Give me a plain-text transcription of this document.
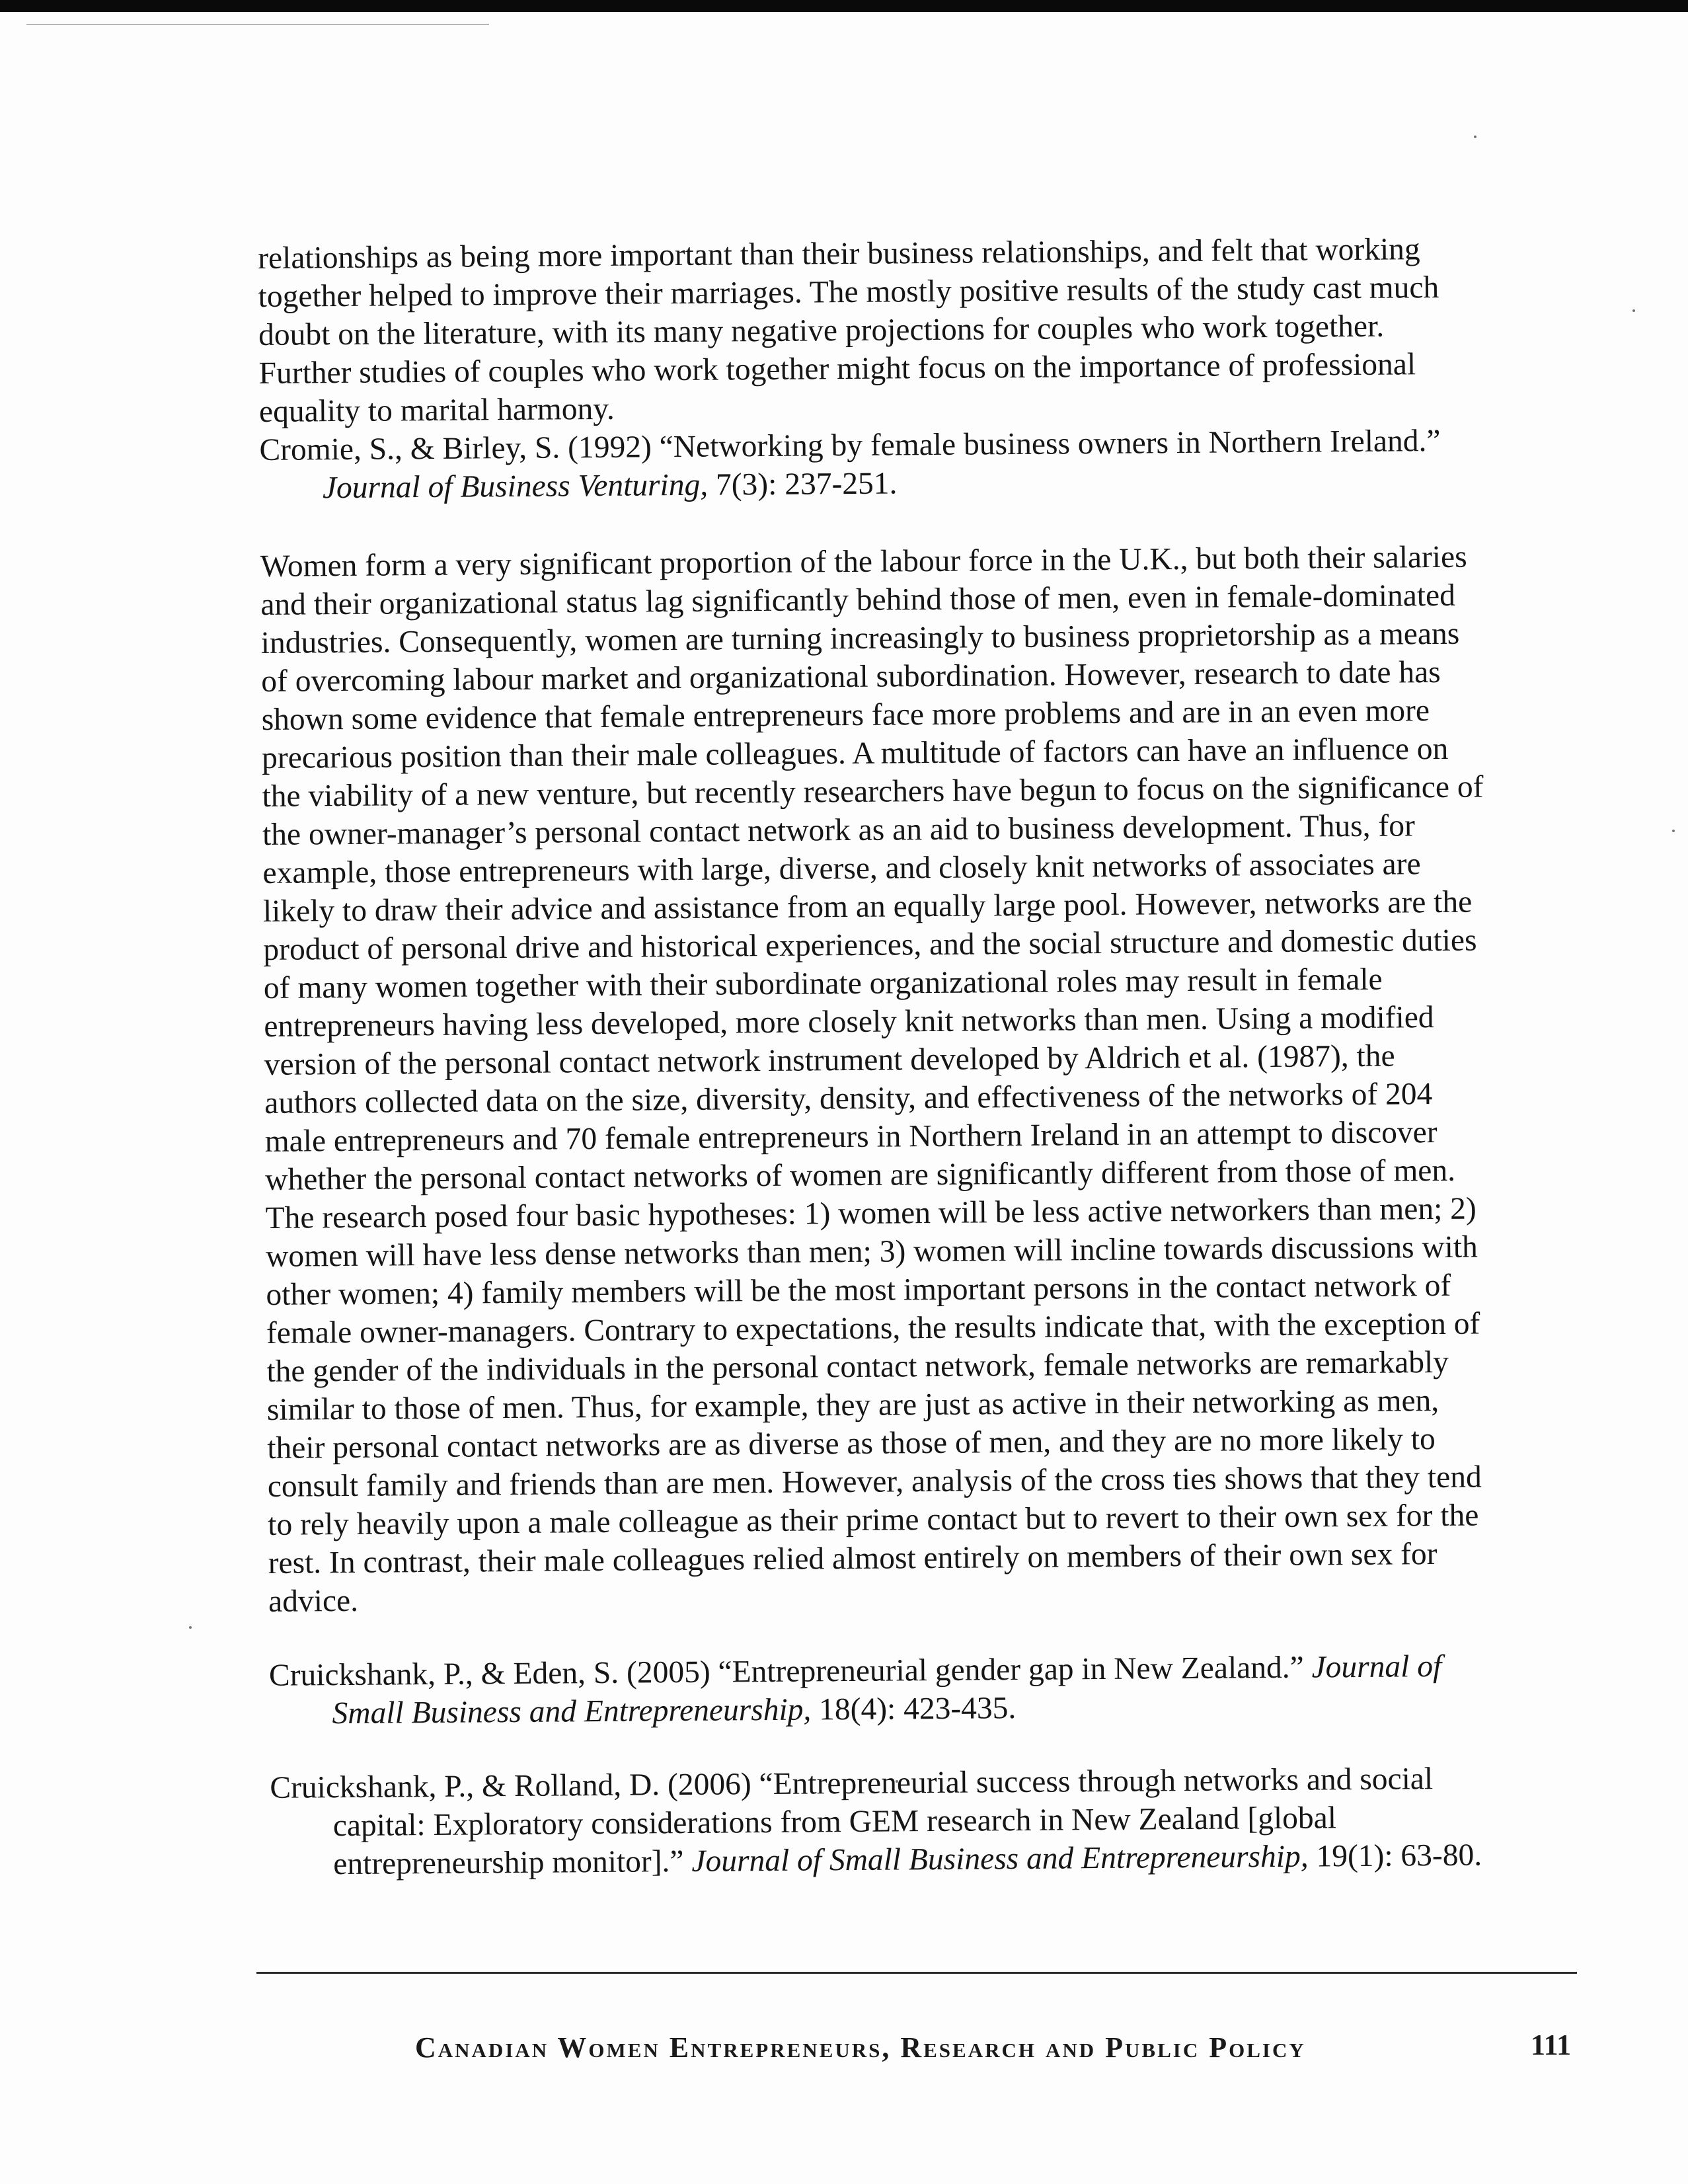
relationships as being more important than their business relationships, and felt that working
together helped to improve their marriages. The mostly positive results of the study cast much
doubt on the literature, with its many negative projections for couples who work together.
Further studies of couples who work together might focus on the importance of professional
equality to marital harmony.
Cromie, S., & Birley, S. (1992) “Networking by female business owners in Northern Ireland.”
Journal of Business Venturing, 7(3): 237-251.
Women form a very significant proportion of the labour force in the U.K., but both their salaries
and their organizational status lag significantly behind those of men, even in female-dominated
industries. Consequently, women are turning increasingly to business proprietorship as a means
of overcoming labour market and organizational subordination. However, research to date has
shown some evidence that female entrepreneurs face more problems and are in an even more
precarious position than their male colleagues. A multitude of factors can have an influence on
the viability of a new venture, but recently researchers have begun to focus on the significance of
the owner-manager’s personal contact network as an aid to business development. Thus, for
example, those entrepreneurs with large, diverse, and closely knit networks of associates are
likely to draw their advice and assistance from an equally large pool. However, networks are the
product of personal drive and historical experiences, and the social structure and domestic duties
of many women together with their subordinate organizational roles may result in female
entrepreneurs having less developed, more closely knit networks than men. Using a modified
version of the personal contact network instrument developed by Aldrich et al. (1987), the
authors collected data on the size, diversity, density, and effectiveness of the networks of 204
male entrepreneurs and 70 female entrepreneurs in Northern Ireland in an attempt to discover
whether the personal contact networks of women are significantly different from those of men.
The research posed four basic hypotheses: 1) women will be less active networkers than men; 2)
women will have less dense networks than men; 3) women will incline towards discussions with
other women; 4) family members will be the most important persons in the contact network of
female owner-managers. Contrary to expectations, the results indicate that, with the exception of
the gender of the individuals in the personal contact network, female networks are remarkably
similar to those of men. Thus, for example, they are just as active in their networking as men,
their personal contact networks are as diverse as those of men, and they are no more likely to
consult family and friends than are men. However, analysis of the cross ties shows that they tend
to rely heavily upon a male colleague as their prime contact but to revert to their own sex for the
rest. In contrast, their male colleagues relied almost entirely on members of their own sex for
advice.
Cruickshank, P., & Eden, S. (2005) “Entrepreneurial gender gap in New Zealand.” Journal of
Small Business and Entrepreneurship, 18(4): 423-435.
Cruickshank, P., & Rolland, D. (2006) “Entrepreneurial success through networks and social
capital: Exploratory considerations from GEM research in New Zealand [global
entrepreneurship monitor].” Journal of Small Business and Entrepreneurship, 19(1): 63-80.
Canadian Women Entrepreneurs, Research and Public Policy	111
